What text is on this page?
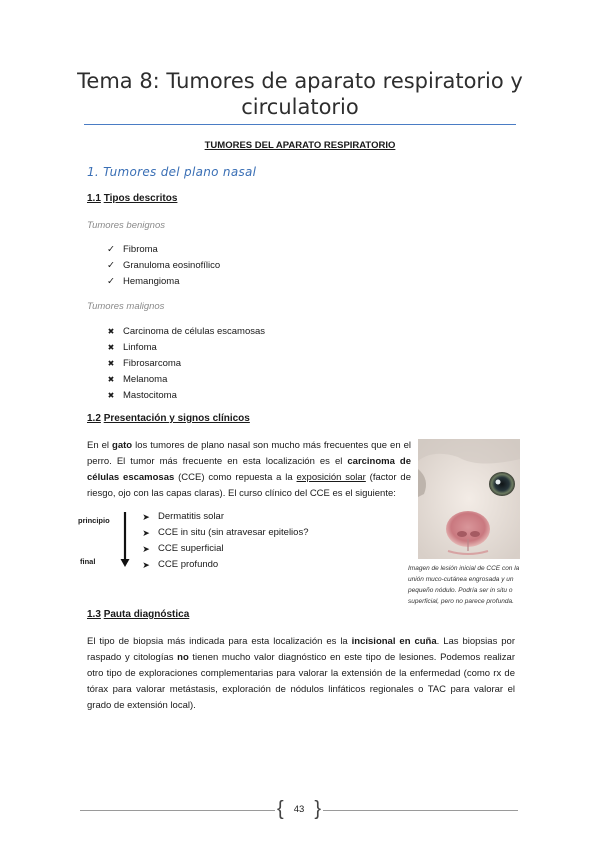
Tema 8: Tumores de aparato respiratorio y
circulatorio
TUMORES DEL APARATO RESPIRATORIO
1. Tumores del plano nasal
1.1 Tipos descritos
Tumores benignos
✓ Fibroma
✓ Granuloma eosinofílico
✓ Hemangioma
Tumores malignos
✖ Carcinoma de células escamosas
✖ Linfoma
✖ Fibrosarcoma
✖ Melanoma
✖ Mastocitoma
1.2 Presentación y signos clínicos
En el gato los tumores de plano nasal son mucho más frecuentes que en el perro. El tumor más frecuente en esta localización es el carcinoma de células escamosas (CCE) como repuesta a la exposición solar (factor de riesgo, ojo con las capas claras). El curso clínico del CCE es el siguiente:
Imagen de lesión inicial de CCE con la unión muco-cutánea engrosada y un pequeño nódulo. Podría ser in situ o superficial, pero no parece profunda.
principio
final
➤ Dermatitis solar
➤ CCE in situ (sin atravesar epitelios?
➤ CCE superficial
➤ CCE profundo
1.3 Pauta diagnóstica
El tipo de biopsia más indicada para esta localización es la incisional en cuña. Las biopsias por raspado y citologías no tienen mucho valor diagnóstico en este tipo de lesiones. Podemos realizar otro tipo de exploraciones complementarias para valorar la extensión de la enfermedad (como rx de tórax para valorar metástasis, exploración de nódulos linfáticos regionales o TAC para valorar el grado de extensión local).
{ 43 }
